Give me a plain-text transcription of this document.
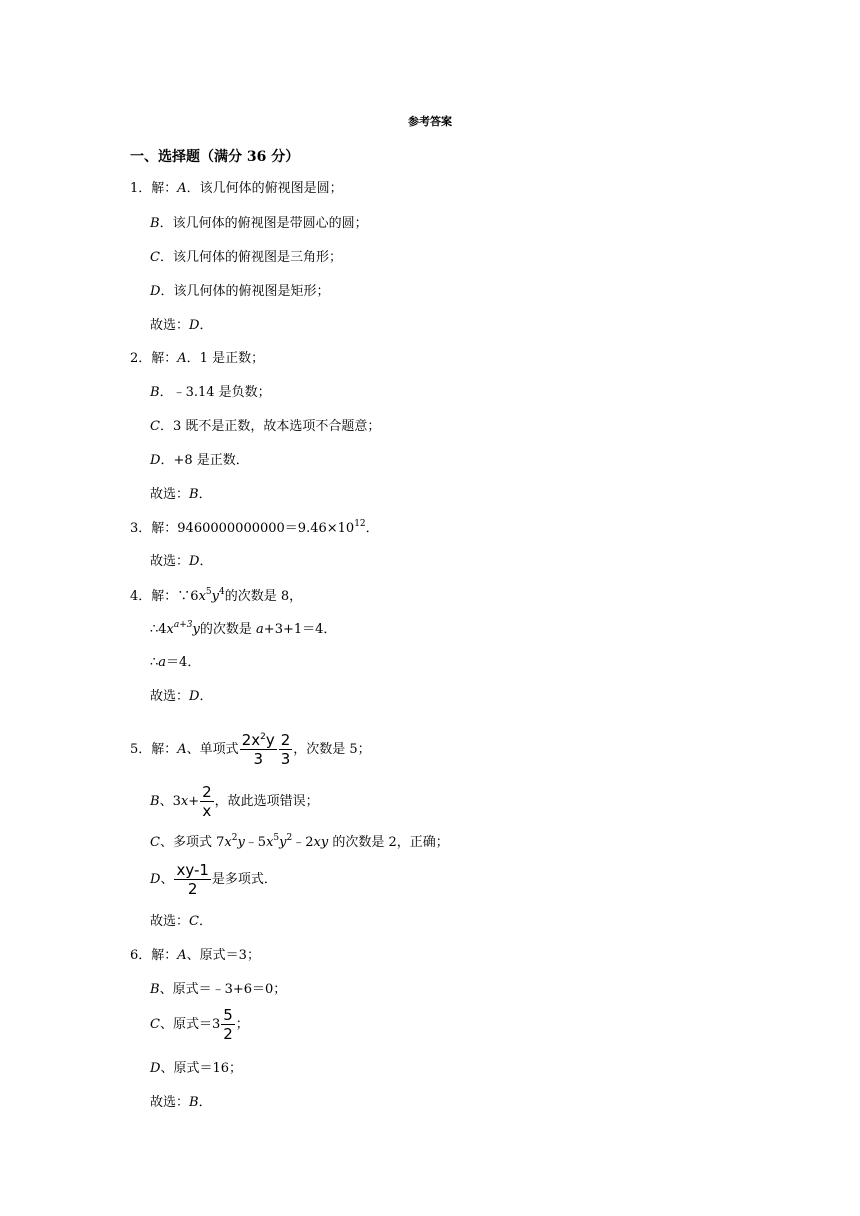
参考答案
一、选择题（满分 36 分）
1．解：A．该几何体的俯视图是圆；
B．该几何体的俯视图是带圆心的圆；
C．该几何体的俯视图是三角形；
D．该几何体的俯视图是矩形；
故选：D．
2．解：A．1 是正数；
B．﹣3.14 是负数；
C．3 既不是正数，故本选项不合题意；
D．+8 是正数．
故选：B．
3．解：$9460000000000=9.46\times 10^{12}$．
故选：D．
4．解：$\because 6x^5y^4$的次数是 8，
$\therefore 4x^{a+3}y$的次数是 a+3+1＝4．
∴a＝4．
故选：D．
5．解：A、单项式 $\frac{2x^2y}{3} \frac{2}{3}$ ，次数是 5；
B、$3x+ \frac{2}{x}$ ，故此选项错误；
C、多项式 $7x^2y﹣5x^5y^2﹣2xy$ 的次数是 2，正确；
D、 $\frac{xy-1}{2}$ 是多项式．
故选：C．
6．解：A、原式＝3；
B、原式＝﹣3+6＝0；
C、原式$=3 \frac{5}{2}$ ；
D、原式＝16；
故选：B．
